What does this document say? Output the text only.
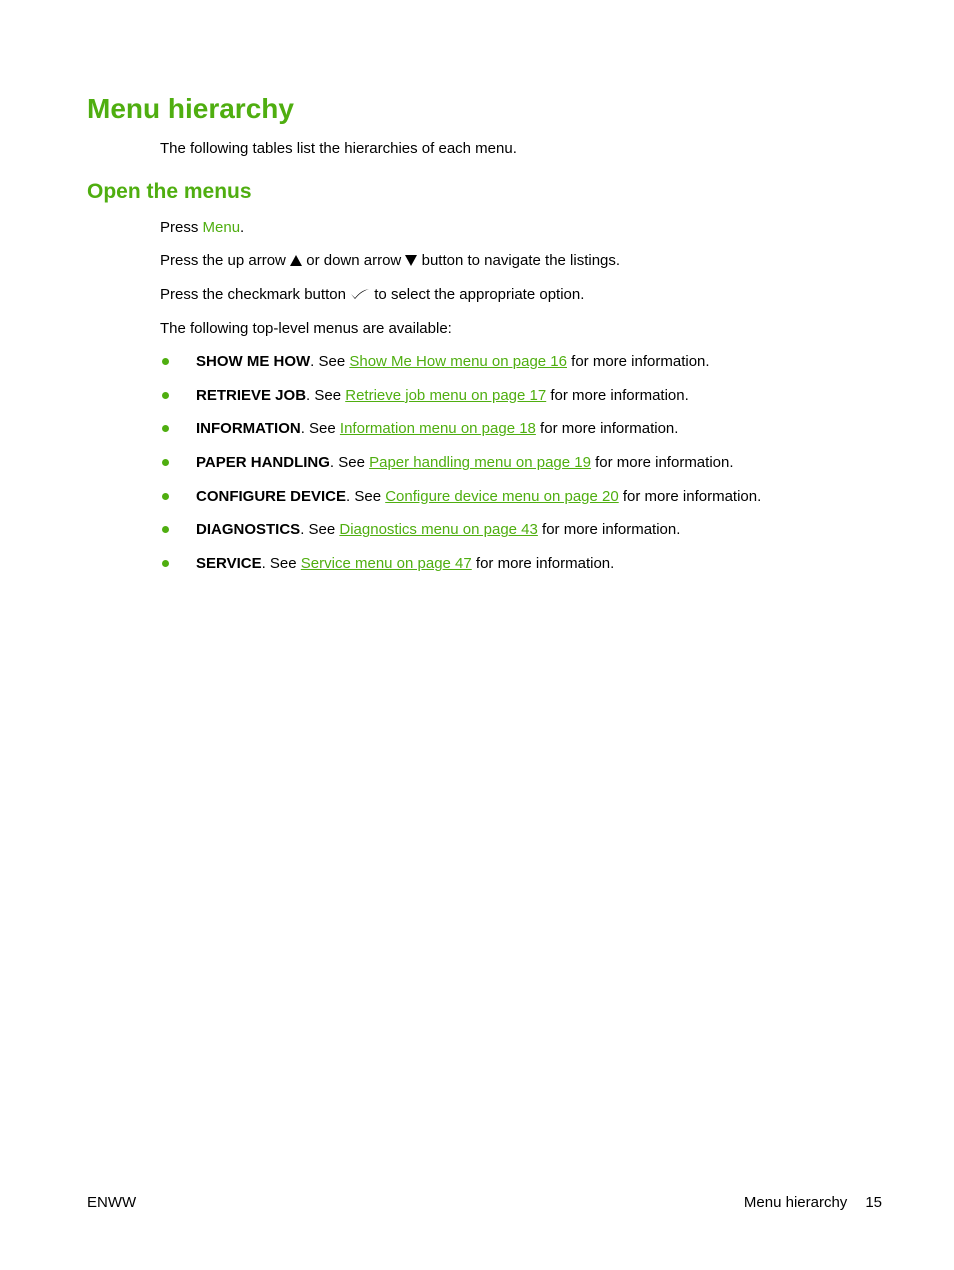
Menu hierarchy

The following tables list the hierarchies of each menu.

Open the menus

Press Menu.

Press the up arrow  or down arrow  button to navigate the listings.

Press the checkmark button  to select the appropriate option.

The following top-level menus are available:

SHOW ME HOW. See Show Me How menu on page 16 for more information.
RETRIEVE JOB. See Retrieve job menu on page 17 for more information.
INFORMATION. See Information menu on page 18 for more information.
PAPER HANDLING. See Paper handling menu on page 19 for more information.
CONFIGURE DEVICE. See Configure device menu on page 20 for more information.
DIAGNOSTICS. See Diagnostics menu on page 43 for more information.
SERVICE. See Service menu on page 47 for more information.
ENWW	Menu hierarchy 15
